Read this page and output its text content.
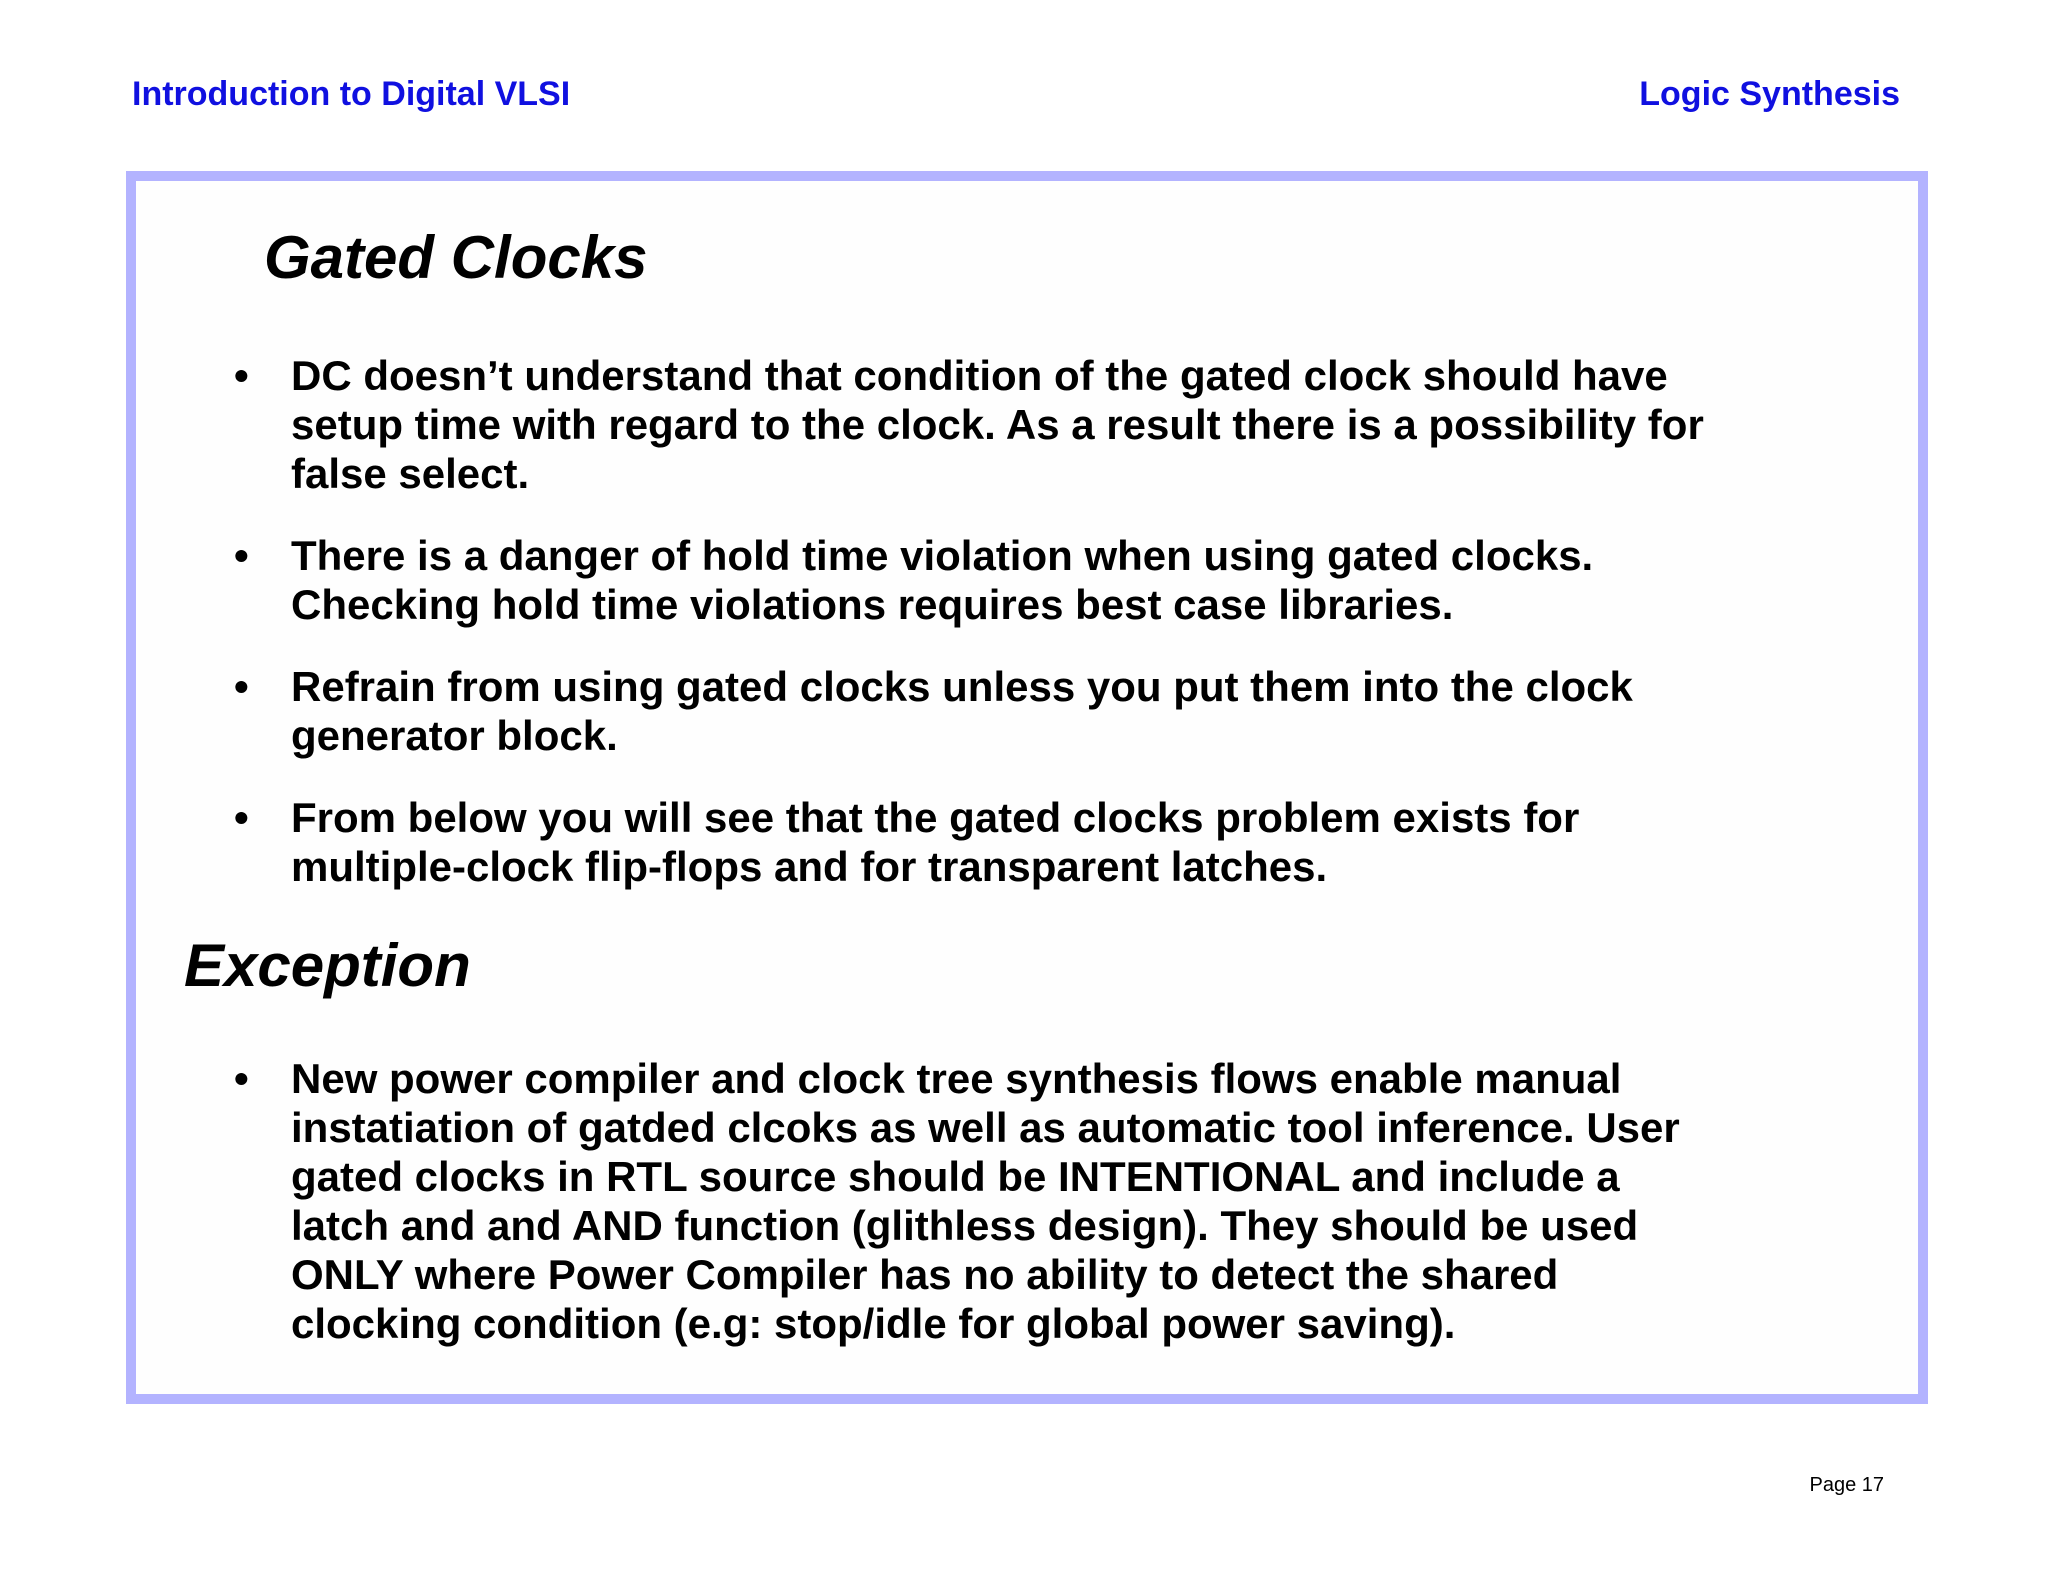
Introduction to Digital VLSI	Logic Synthesis
Gated Clocks
•	DC doesn’t understand that condition of the gated clock should have
setup time with regard to the clock. As a result there is a possibility for
false select.
•	There is a danger of hold time violation when using gated clocks.
Checking hold time violations requires best case libraries.
•	Refrain from using gated clocks unless you put them into the clock
generator block.
•	From below you will see that the gated clocks problem exists for
multiple-clock flip-flops and for transparent latches.
Exception
•	New power compiler and clock tree synthesis flows enable manual
instatiation of gatded clcoks as well as automatic tool inference. User
gated clocks in RTL source should be INTENTIONAL and include a
latch and and AND function (glithless design). They should be used
ONLY where Power Compiler has no ability to detect the shared
clocking condition (e.g: stop/idle for global power saving).
Page 17
